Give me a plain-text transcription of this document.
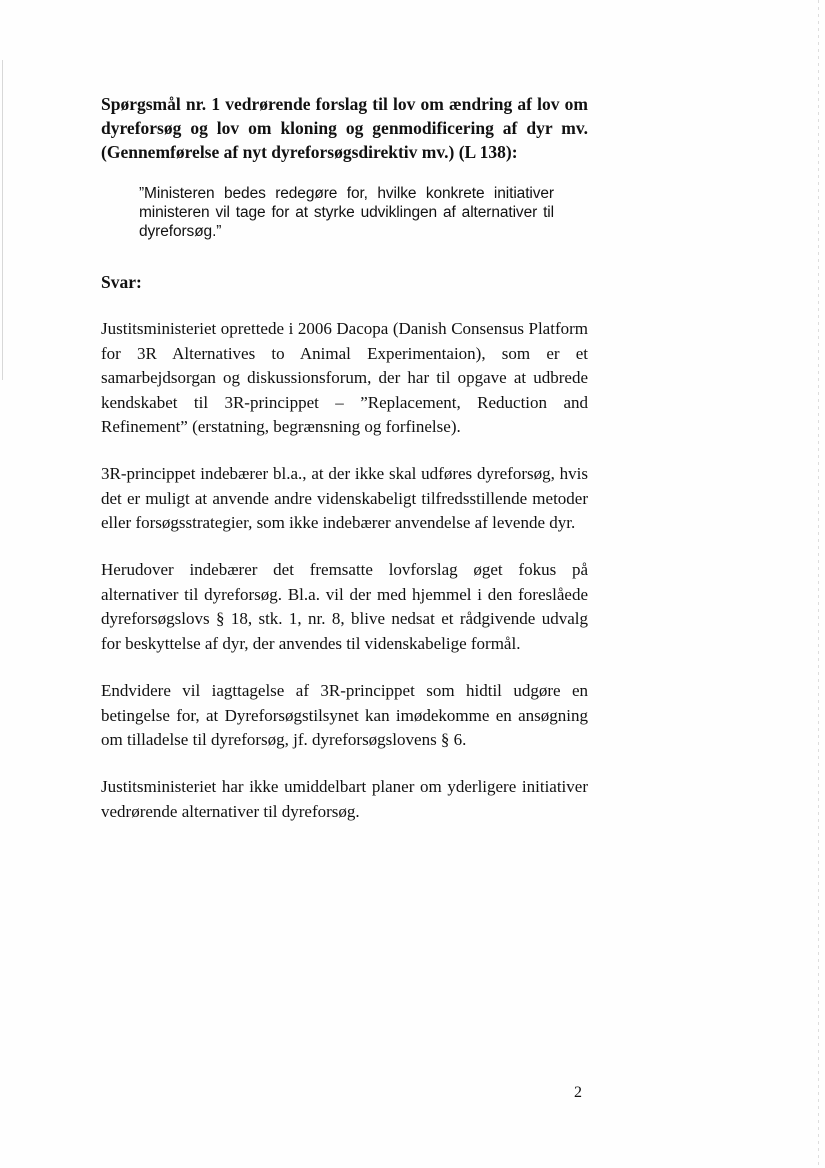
Spørgsmål nr. 1 vedrørende forslag til lov om ændring af lov om dyreforsøg og lov om kloning og genmodificering af dyr mv. (Gennemførelse af nyt dyreforsøgsdirektiv mv.) (L 138):
”Ministeren bedes redegøre for, hvilke konkrete initiativer ministeren vil tage for at styrke udviklingen af alternativer til dyreforsøg.”
Svar:
Justitsministeriet oprettede i 2006 Dacopa (Danish Consensus Platform for 3R Alternatives to Animal Experimentaion), som er et samarbejdsorgan og diskussionsforum, der har til opgave at udbrede kendskabet til 3R-princippet – ”Replacement, Reduction and Refinement” (erstatning, begrænsning og forfinelse).
3R-princippet indebærer bl.a., at der ikke skal udføres dyreforsøg, hvis det er muligt at anvende andre videnskabeligt tilfredsstillende metoder eller forsøgsstrategier, som ikke indebærer anvendelse af levende dyr.
Herudover indebærer det fremsatte lovforslag øget fokus på alternativer til dyreforsøg. Bl.a. vil der med hjemmel i den foreslåede dyreforsøgslovs § 18, stk. 1, nr. 8, blive nedsat et rådgivende udvalg for beskyttelse af dyr, der anvendes til videnskabelige formål.
Endvidere vil iagttagelse af 3R-princippet som hidtil udgøre en betingelse for, at Dyreforsøgstilsynet kan imødekomme en ansøgning om tilladelse til dyreforsøg, jf. dyreforsøgslovens § 6.
Justitsministeriet har ikke umiddelbart planer om yderligere initiativer vedrørende alternativer til dyreforsøg.
2
